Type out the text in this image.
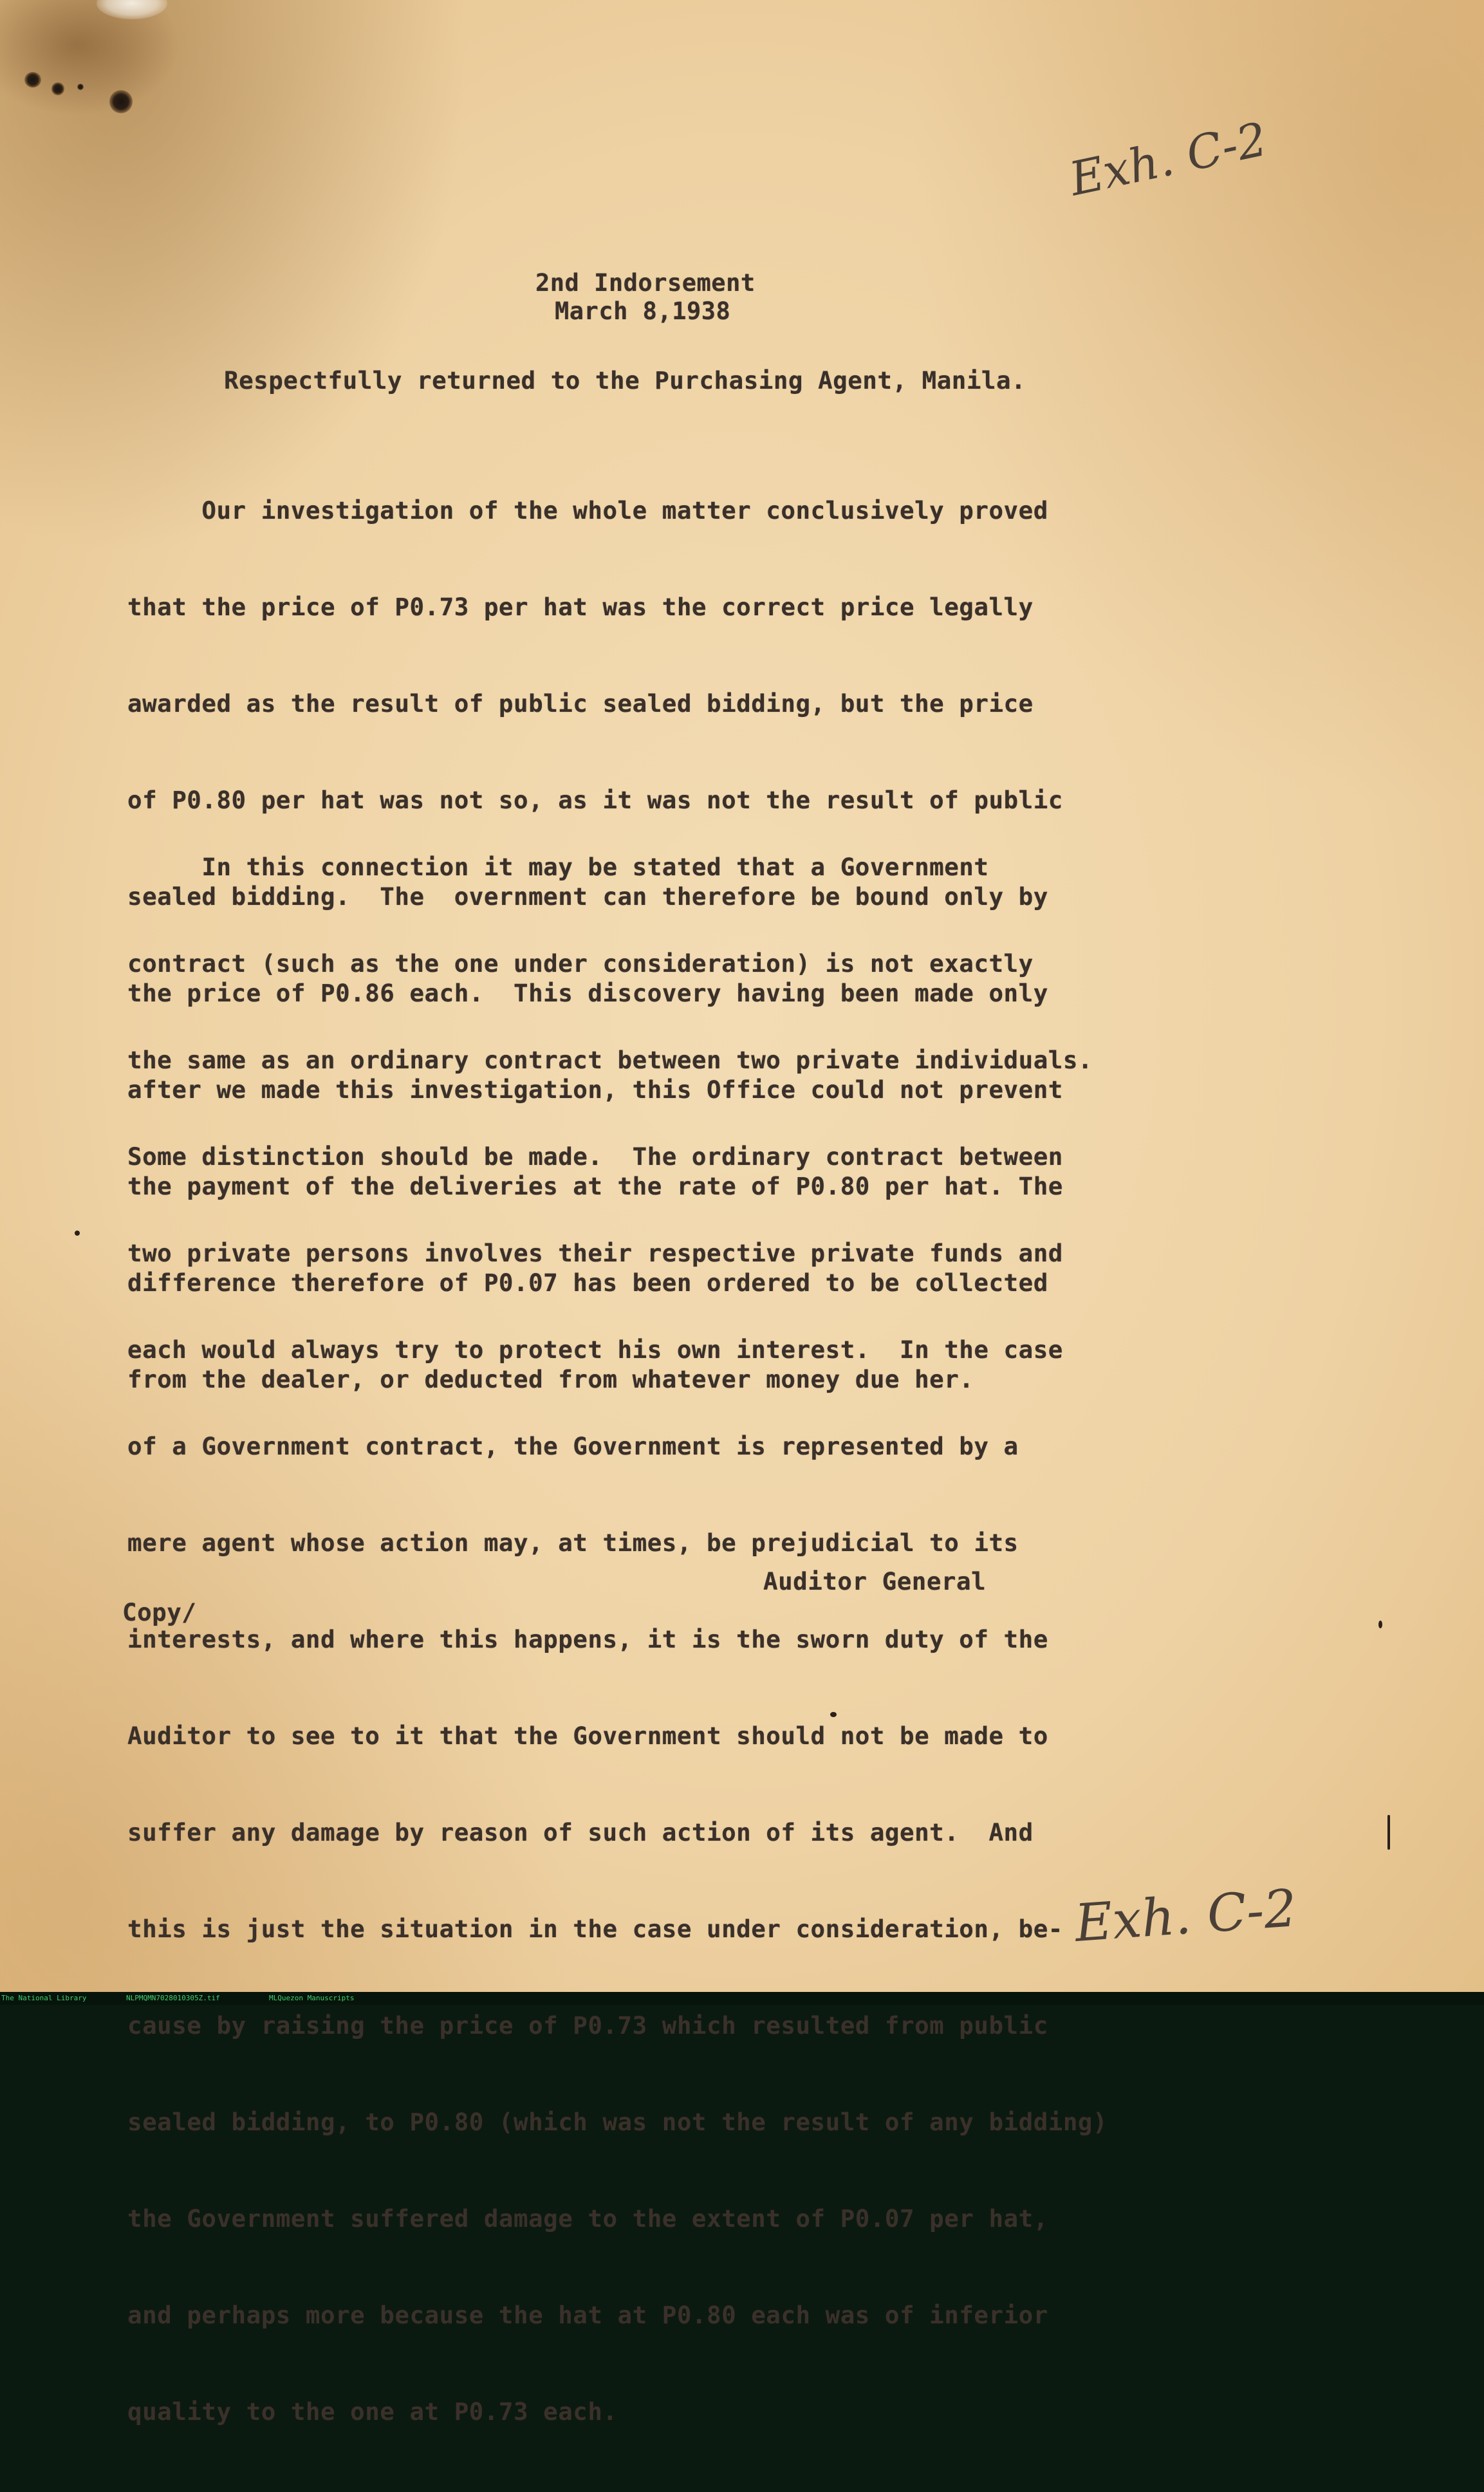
Exh. C-2
2nd Indorsement
March 8,1938
Respectfully returned to the Purchasing Agent, Manila.

Our investigation of the whole matter conclusively proved

that the price of P0.73 per hat was the correct price legally

awarded as the result of public sealed bidding, but the price

of P0.80 per hat was not so, as it was not the result of public

sealed bidding.  The  overnment can therefore be bound only by

the price of P0.86 each.  This discovery having been made only

after we made this investigation, this Office could not prevent

the payment of the deliveries at the rate of P0.80 per hat. The

difference therefore of P0.07 has been ordered to be collected

from the dealer, or deducted from whatever money due her.

In this connection it may be stated that a Government

contract (such as the one under consideration) is not exactly

the same as an ordinary contract between two private individuals.

Some distinction should be made.  The ordinary contract between

two private persons involves their respective private funds and

each would always try to protect his own interest.  In the case

of a Government contract, the Government is represented by a

mere agent whose action may, at times, be prejudicial to its

interests, and where this happens, it is the sworn duty of the

Auditor to see to it that the Government should not be made to

suffer any damage by reason of such action of its agent.  And

this is just the situation in the case under consideration, be-

cause by raising the price of P0.73 which resulted from public

sealed bidding, to P0.80 (which was not the result of any bidding)

the Government suffered damage to the extent of P0.07 per hat,

and perhaps more because the hat at P0.80 each was of inferior

quality to the one at P0.73 each.

Auditor General
Copy/
Exh. C-2

The National Library

	NLPMQMN7028010305Z.tif

	MLQuezon Manuscripts
